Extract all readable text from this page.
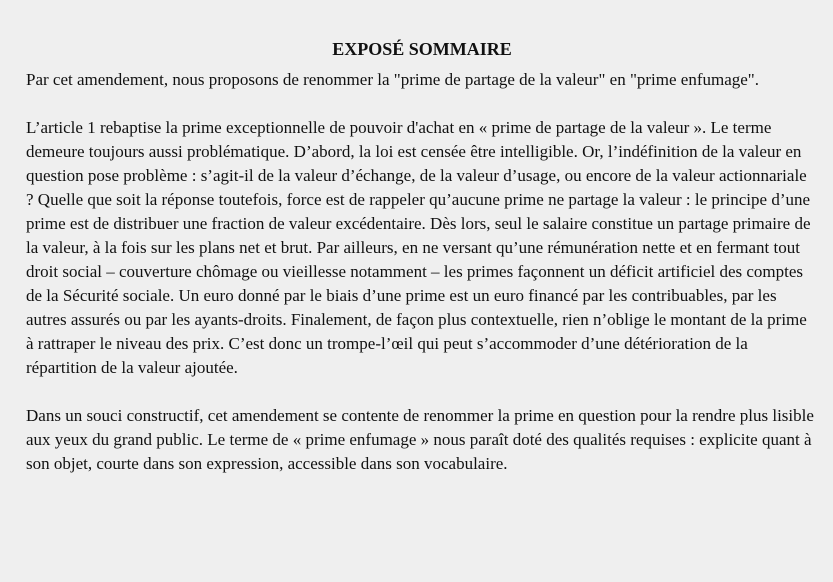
EXPOSÉ SOMMAIRE

Par cet amendement, nous proposons de renommer la "prime de partage de la valeur" en "prime enfumage".

L’article 1 rebaptise la prime exceptionnelle de pouvoir d'achat en « prime de partage de la valeur ». Le terme demeure toujours aussi problématique. D’abord, la loi est censée être intelligible. Or, l’indéfinition de la valeur en question pose problème : s’agit-il de la valeur d’échange, de la valeur d’usage, ou encore de la valeur actionnariale ? Quelle que soit la réponse toutefois, force est de rappeler qu’aucune prime ne partage la valeur : le principe d’une prime est de distribuer une fraction de valeur excédentaire. Dès lors, seul le salaire constitue un partage primaire de la valeur, à la fois sur les plans net et brut. Par ailleurs, en ne versant qu’une rémunération nette et en fermant tout droit social – couverture chômage ou vieillesse notamment – les primes façonnent un déficit artificiel des comptes de la Sécurité sociale. Un euro donné par le biais d’une prime est un euro financé par les contribuables, par les autres assurés ou par les ayants-droits. Finalement, de façon plus contextuelle, rien n’oblige le montant de la prime à rattraper le niveau des prix. C’est donc un trompe-l’œil qui peut s’accommoder d’une détérioration de la répartition de la valeur ajoutée.

Dans un souci constructif, cet amendement se contente de renommer la prime en question pour la rendre plus lisible aux yeux du grand public. Le terme de « prime enfumage » nous paraît doté des qualités requises : explicite quant à son objet, courte dans son expression, accessible dans son vocabulaire.
